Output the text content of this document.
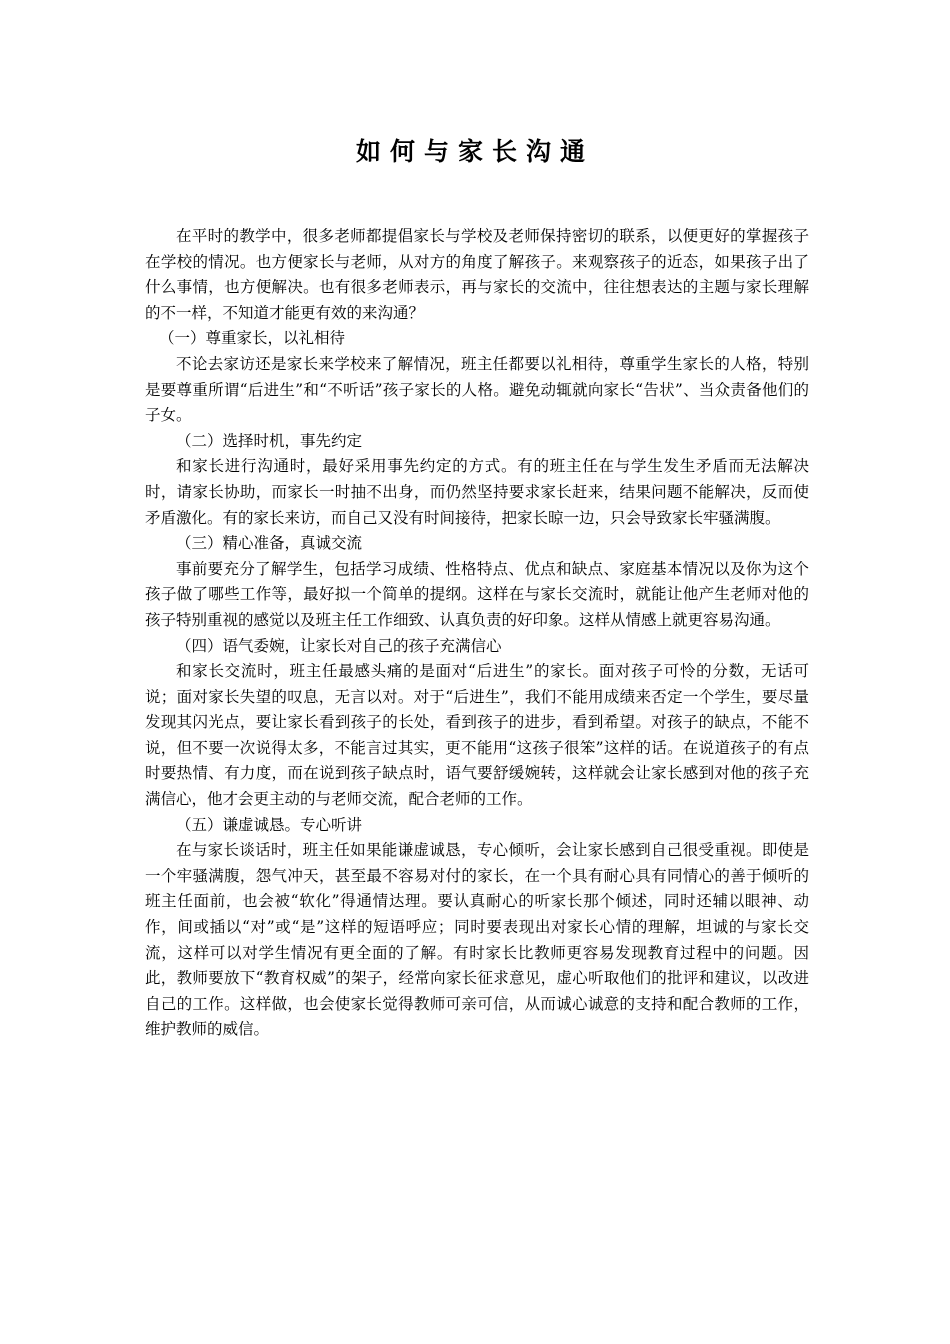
如何与家长沟通

在平时的教学中，很多老师都提倡家长与学校及老师保持密切的联系，以便更好的掌握孩子在学校的情况。也方便家长与老师，从对方的角度了解孩子。来观察孩子的近态，如果孩子出了什么事情，也方便解决。也有很多老师表示，再与家长的交流中，往往想表达的主题与家长理解的不一样，不知道才能更有效的来沟通？

（一）尊重家长，以礼相待

不论去家访还是家长来学校来了解情况，班主任都要以礼相待，尊重学生家长的人格，特别是要尊重所谓“后进生”和“不听话”孩子家长的人格。避免动辄就向家长“告状”、当众责备他们的子女。

（二）选择时机，事先约定

和家长进行沟通时，最好采用事先约定的方式。有的班主任在与学生发生矛盾而无法解决时，请家长协助，而家长一时抽不出身，而仍然坚持要求家长赶来，结果问题不能解决，反而使矛盾激化。有的家长来访，而自己又没有时间接待，把家长晾一边，只会导致家长牢骚满腹。

（三）精心准备，真诚交流

事前要充分了解学生，包括学习成绩、性格特点、优点和缺点、家庭基本情况以及你为这个孩子做了哪些工作等，最好拟一个简单的提纲。这样在与家长交流时，就能让他产生老师对他的孩子特别重视的感觉以及班主任工作细致、认真负责的好印象。这样从情感上就更容易沟通。

（四）语气委婉，让家长对自己的孩子充满信心

和家长交流时，班主任最感头痛的是面对“后进生”的家长。面对孩子可怜的分数，无话可说；面对家长失望的叹息，无言以对。对于“后进生”，我们不能用成绩来否定一个学生，要尽量发现其闪光点，要让家长看到孩子的长处，看到孩子的进步，看到希望。对孩子的缺点，不能不说，但不要一次说得太多，不能言过其实，更不能用“这孩子很笨”这样的话。在说道孩子的有点时要热情、有力度，而在说到孩子缺点时，语气要舒缓婉转，这样就会让家长感到对他的孩子充满信心，他才会更主动的与老师交流，配合老师的工作。

（五）谦虚诚恳。专心听讲

在与家长谈话时，班主任如果能谦虚诚恳，专心倾听，会让家长感到自己很受重视。即使是一个牢骚满腹，怨气冲天，甚至最不容易对付的家长，在一个具有耐心具有同情心的善于倾听的班主任面前，也会被“软化”得通情达理。要认真耐心的听家长那个倾述，同时还辅以眼神、动作，间或插以“对”或“是”这样的短语呼应；同时要表现出对家长心情的理解，坦诚的与家长交流，这样可以对学生情况有更全面的了解。有时家长比教师更容易发现教育过程中的问题。因此，教师要放下“教育权威”的架子，经常向家长征求意见，虚心听取他们的批评和建议，以改进自己的工作。这样做，也会使家长觉得教师可亲可信，从而诚心诚意的支持和配合教师的工作，维护教师的威信。
